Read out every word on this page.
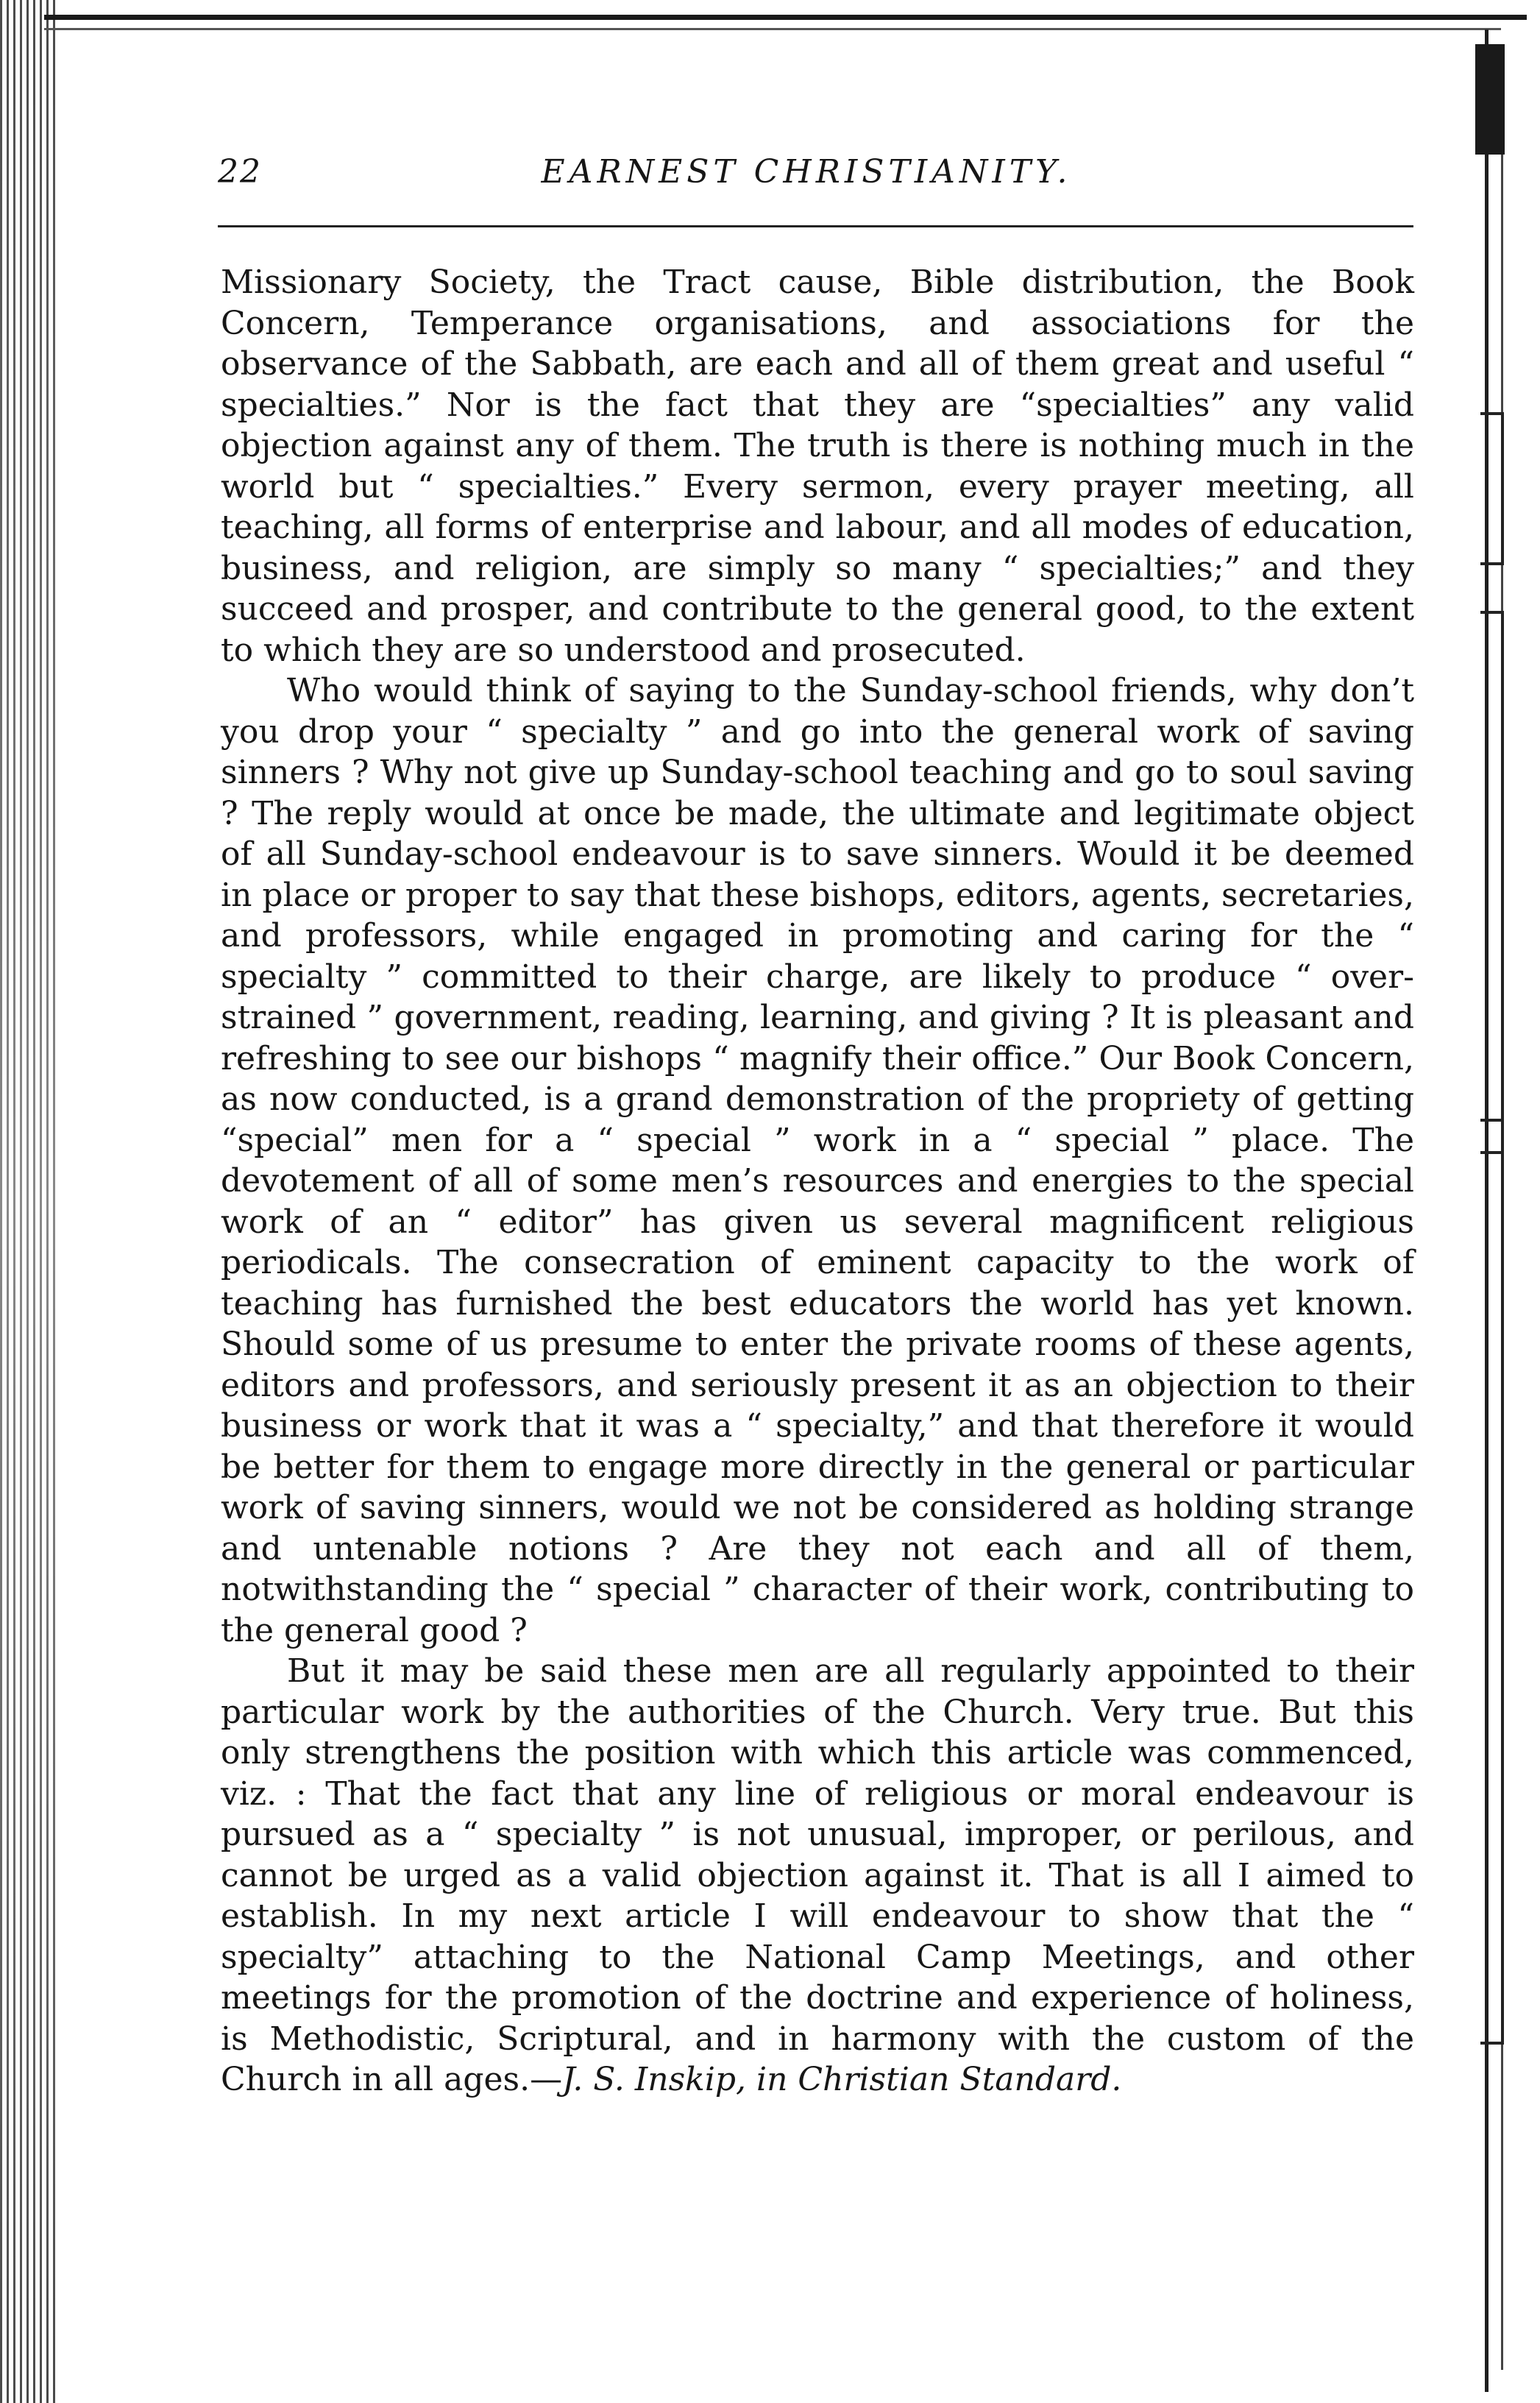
22	EARNEST CHRISTIANITY.

Missionary Society, the Tract cause, Bible distribution, the Book Concern, Temperance organisations, and associations for the observance of the Sabbath, are each and all of them great and useful “ specialties.” Nor is the fact that they are “specialties” any valid objection against any of them. The truth is there is nothing much in the world but “ specialties.” Every sermon, every prayer meeting, all teaching, all forms of enterprise and labour, and all modes of education, business, and religion, are simply so many “ specialties;” and they succeed and prosper, and contribute to the general good, to the extent to which they are so understood and prosecuted.

Who would think of saying to the Sunday-school friends, why don’t you drop your “ specialty ” and go into the general work of saving sinners ? Why not give up Sunday-school teaching and go to soul saving ? The reply would at once be made, the ultimate and legitimate object of all Sunday-school endeavour is to save sinners. Would it be deemed in place or proper to say that these bishops, editors, agents, secretaries, and professors, while engaged in promoting and caring for the “ specialty ” committed to their charge, are likely to produce “ over-strained ” government, reading, learning, and giving ? It is pleasant and refreshing to see our bishops “ magnify their office.” Our Book Concern, as now conducted, is a grand demonstration of the propriety of getting “special” men for a “ special ” work in a “ special ” place. The devotement of all of some men’s resources and energies to the special work of an “ editor” has given us several magnificent religious periodicals. The consecration of eminent capacity to the work of teaching has furnished the best educators the world has yet known. Should some of us presume to enter the private rooms of these agents, editors and professors, and seriously present it as an objection to their business or work that it was a “ specialty,” and that therefore it would be better for them to engage more directly in the general or particular work of saving sinners, would we not be considered as holding strange and untenable notions ? Are they not each and all of them, notwithstanding the “ special ” character of their work, contributing to the general good ?

But it may be said these men are all regularly appointed to their particular work by the authorities of the Church. Very true. But this only strengthens the position with which this article was commenced, viz. : That the fact that any line of religious or moral endeavour is pursued as a “ specialty ” is not unusual, improper, or perilous, and cannot be urged as a valid objection against it. That is all I aimed to establish. In my next article I will endeavour to show that the “ specialty” attaching to the National Camp Meetings, and other meetings for the promotion of the doctrine and experience of holiness, is Methodistic, Scriptural, and in harmony with the custom of the Church in all ages.—J. S. Inskip, in Christian Standard.
